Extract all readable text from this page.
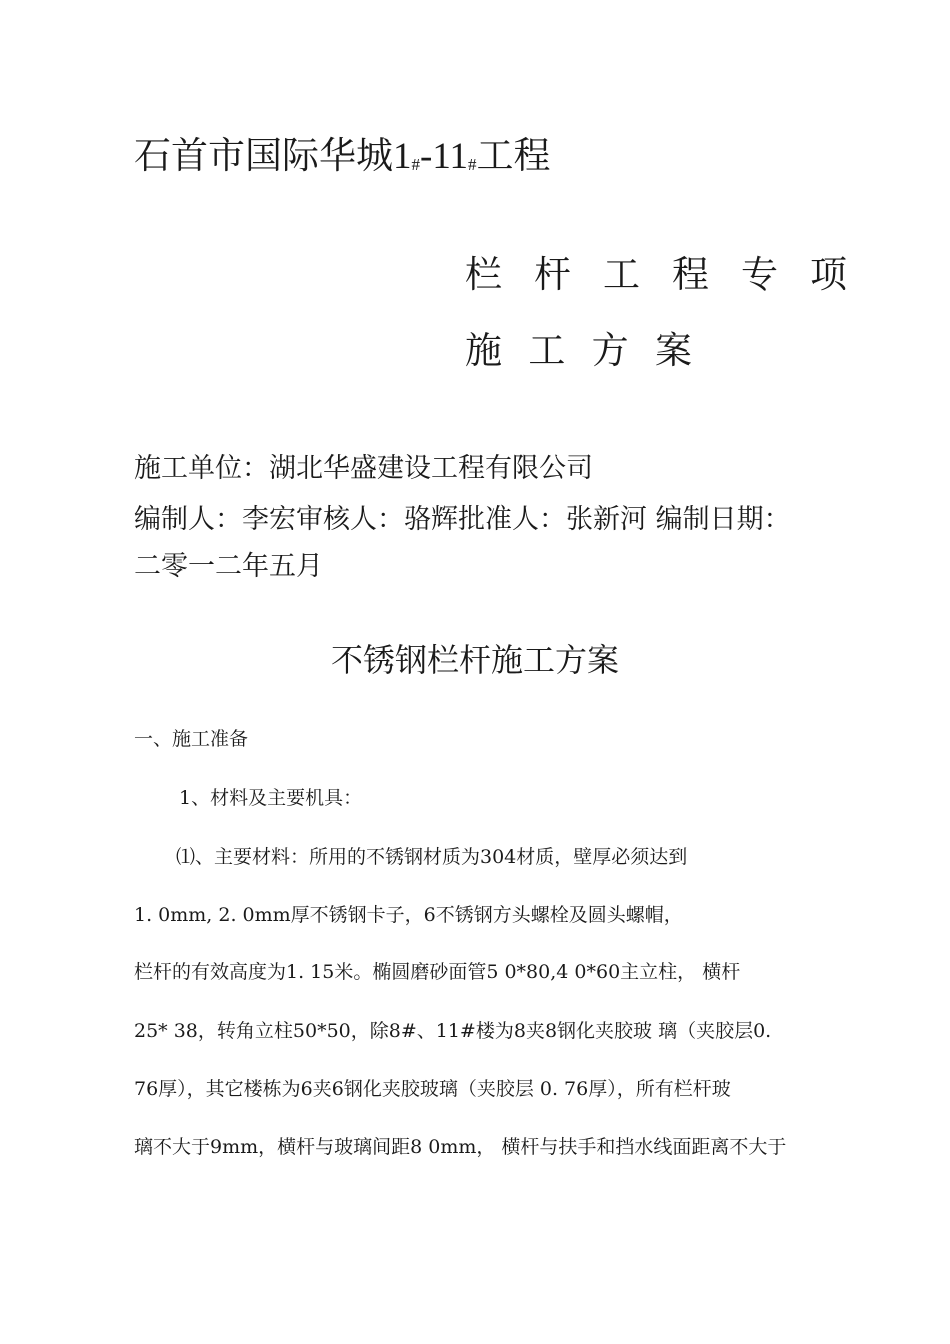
石首市国际华城1#-11#工程
栏 杆 工 程 专 项
施 工 方 案
施工单位：湖北华盛建设工程有限公司
编制人：李宏审核人：骆辉批准人：张新河 编制日期：
二零一二年五月
不锈钢栏杆施工方案
一、施工准备
1、材料及主要机具：
⑴、主要材料：所用的不锈钢材质为304材质，壁厚必须达到
1. 0mm, 2. 0mm厚不锈钢卡子，6不锈钢方头螺栓及圆头螺帽，
栏杆的有效高度为1. 15米。椭圆磨砂面管5 0*80,4 0*60主立柱， 横杆
25* 38，转角立柱50*50，除8#、11#楼为8夹8钢化夹胶玻 璃（夹胶层0.
76厚），其它楼栋为6夹6钢化夹胶玻璃（夹胶层 0. 76厚），所有栏杆玻
璃不大于9mm，横杆与玻璃间距8 0mm， 横杆与扶手和挡水线面距离不大于
